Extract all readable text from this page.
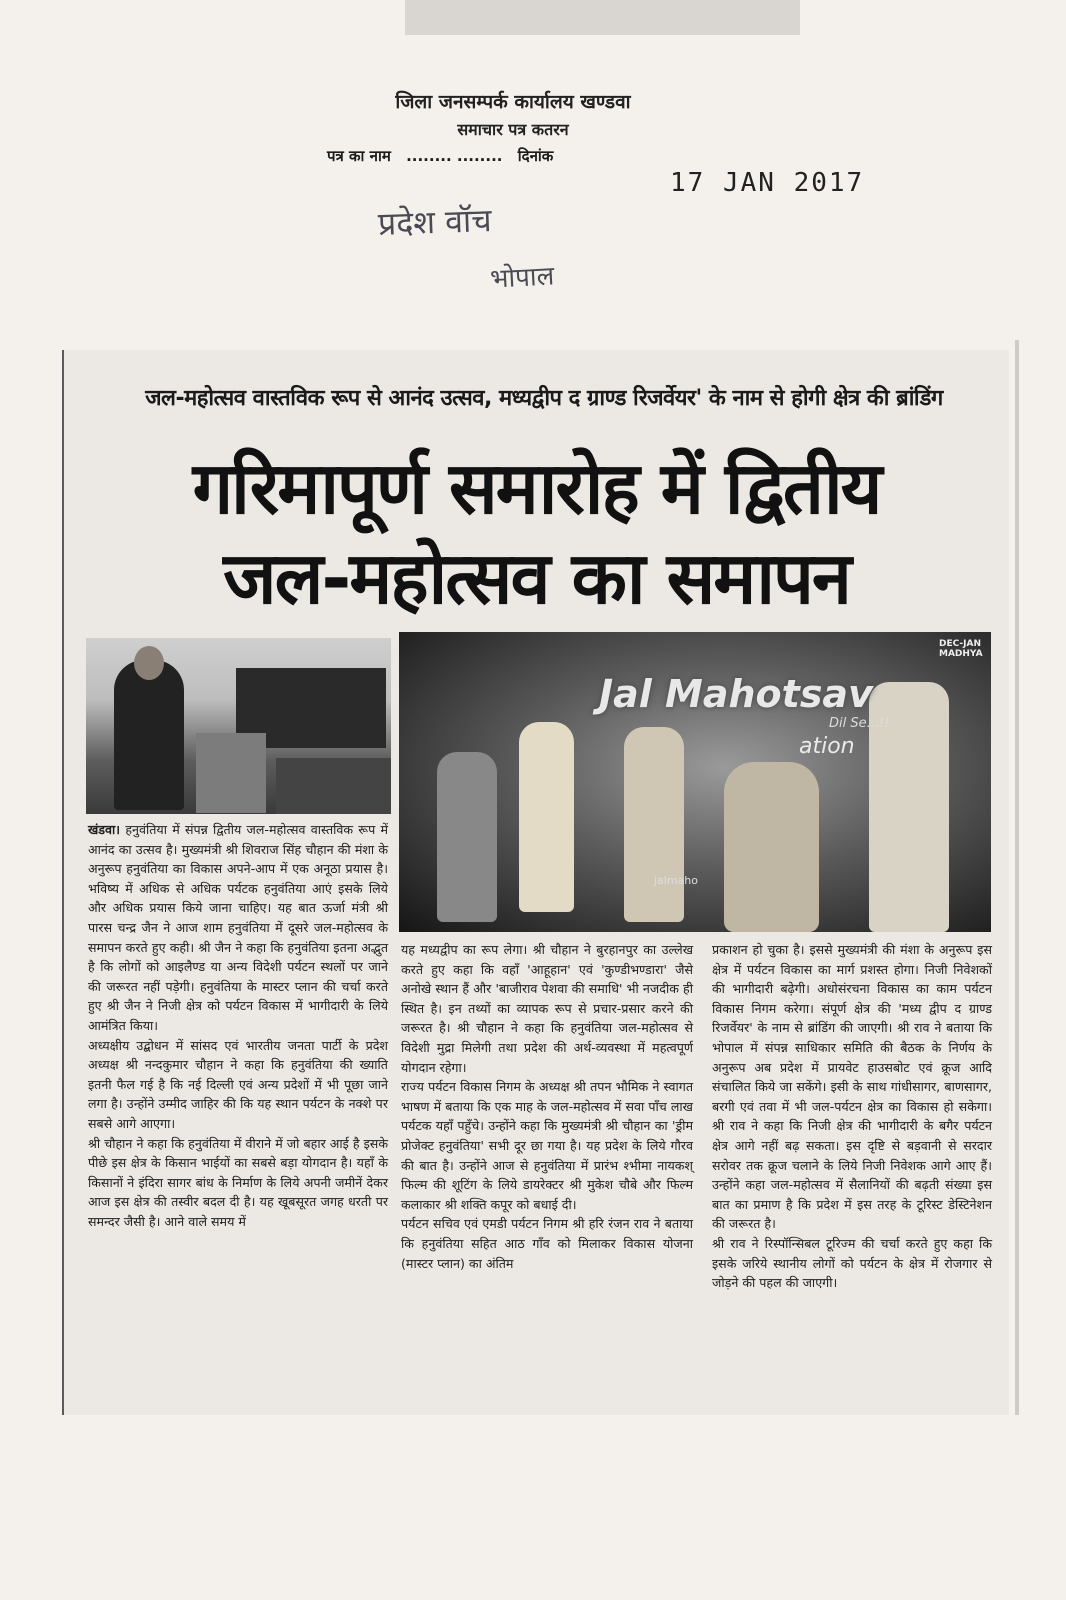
जिला जनसम्पर्क कार्यालय खण्डवा
समाचार पत्र कतरन
पत्र का नाम ........ ........ दिनांक
17 JAN 2017
प्रदेश वॉच
भोपाल
जल-महोत्सव वास्तविक रूप से आनंद उत्सव, मध्यद्वीप द ग्राण्ड रिजर्वेयर' के नाम से होगी क्षेत्र की ब्रांडिंग
गरिमापूर्ण समारोह में द्वितीय
जल-महोत्सव का समापन
Jal Mahotsav
Dil Se...!!
ation
jalmaho
DEC-JAN
MADHYA

खंडवा। हनुवंतिया में संपन्न द्वितीय जल-महोत्सव वास्तविक रूप में आनंद का उत्सव है। मुख्यमंत्री श्री शिवराज सिंह चौहान की मंशा के अनुरूप हनुवंतिया का विकास अपने-आप में एक अनूठा प्रयास है। भविष्य में अधिक से अधिक पर्यटक हनुवंतिया आएं इसके लिये और अधिक प्रयास किये जाना चाहिए। यह बात ऊर्जा मंत्री श्री पारस चन्द्र जैन ने आज शाम हनुवंतिया में दूसरे जल-महोत्सव के समापन करते हुए कही। श्री जैन ने कहा कि हनुवंतिया इतना अद्भुत है कि लोगों को आइलैण्ड या अन्य विदेशी पर्यटन स्थलों पर जाने की जरूरत नहीं पड़ेगी। हनुवंतिया के मास्टर प्लान की चर्चा करते हुए श्री जैन ने निजी क्षेत्र को पर्यटन विकास में भागीदारी के लिये आमंत्रित किया।

अध्यक्षीय उद्बोधन में सांसद एवं भारतीय जनता पार्टी के प्रदेश अध्यक्ष श्री नन्दकुमार चौहान ने कहा कि हनुवंतिया की ख्याति इतनी फैल गई है कि नई दिल्ली एवं अन्य प्रदेशों में भी पूछा जाने लगा है। उन्होंने उम्मीद जाहिर की कि यह स्थान पर्यटन के नक्शे पर सबसे आगे आएगा।

श्री चौहान ने कहा कि हनुवंतिया में वीराने में जो बहार आई है इसके पीछे इस क्षेत्र के किसान भाईयों का सबसे बड़ा योगदान है। यहाँ के किसानों ने इंदिरा सागर बांध के निर्माण के लिये अपनी जमीनें देकर आज इस क्षेत्र की तस्वीर बदल दी है। यह खूबसूरत जगह धरती पर समन्दर जैसी है। आने वाले समय में

यह मध्यद्वीप का रूप लेगा। श्री चौहान ने बुरहानपुर का उल्लेख करते हुए कहा कि वहाँ 'आहूहान' एवं 'कुण्डीभण्डारा' जैसे अनोखे स्थान हैं और 'बाजीराव पेशवा की समाधि' भी नजदीक ही स्थित है। इन तथ्यों का व्यापक रूप से प्रचार-प्रसार करने की जरूरत है। श्री चौहान ने कहा कि हनुवंतिया जल-महोत्सव से विदेशी मुद्रा मिलेगी तथा प्रदेश की अर्थ-व्यवस्था में महत्वपूर्ण योगदान रहेगा।

राज्य पर्यटन विकास निगम के अध्यक्ष श्री तपन भौमिक ने स्वागत भाषण में बताया कि एक माह के जल-महोत्सव में सवा पाँच लाख पर्यटक यहाँ पहुँचे। उन्होंने कहा कि मुख्यमंत्री श्री चौहान का 'ड्रीम प्रोजेक्ट हनुवंतिया' सभी दूर छा गया है। यह प्रदेश के लिये गौरव की बात है। उन्होंने आज से हनुवंतिया में प्रारंभ श्भीमा नायकश् फिल्म की शूटिंग के लिये डायरेक्टर श्री मुकेश चौबे और फिल्म कलाकार श्री शक्ति कपूर को बधाई दी।

पर्यटन सचिव एवं एमडी पर्यटन निगम श्री हरि रंजन राव ने बताया कि हनुवंतिया सहित आठ गाँव को मिलाकर विकास योजना (मास्टर प्लान) का अंतिम

प्रकाशन हो चुका है। इससे मुख्यमंत्री की मंशा के अनुरूप इस क्षेत्र में पर्यटन विकास का मार्ग प्रशस्त होगा। निजी निवेशकों की भागीदारी बढ़ेगी। अधोसंरचना विकास का काम पर्यटन विकास निगम करेगा। संपूर्ण क्षेत्र की 'मध्य द्वीप द ग्राण्ड रिजर्वेयर' के नाम से ब्रांडिंग की जाएगी। श्री राव ने बताया कि भोपाल में संपन्न साधिकार समिति की बैठक के निर्णय के अनुरूप अब प्रदेश में प्रायवेट हाउसबोट एवं क्रूज आदि संचालित किये जा सकेंगे। इसी के साथ गांधीसागर, बाणसागर, बरगी एवं तवा में भी जल-पर्यटन क्षेत्र का विकास हो सकेगा। श्री राव ने कहा कि निजी क्षेत्र की भागीदारी के बगैर पर्यटन क्षेत्र आगे नहीं बढ़ सकता। इस दृष्टि से बड़वानी से सरदार सरोवर तक क्रूज चलाने के लिये निजी निवेशक आगे आए हैं। उन्होंने कहा जल-महोत्सव में सैलानियों की बढ़ती संख्या इस बात का प्रमाण है कि प्रदेश में इस तरह के टूरिस्ट डेस्टिनेशन की जरूरत है।

श्री राव ने रिस्पॉन्सिबल टूरिज्म की चर्चा करते हुए कहा कि इसके जरिये स्थानीय लोगों को पर्यटन के क्षेत्र में रोजगार से जोड़ने की पहल की जाएगी।
